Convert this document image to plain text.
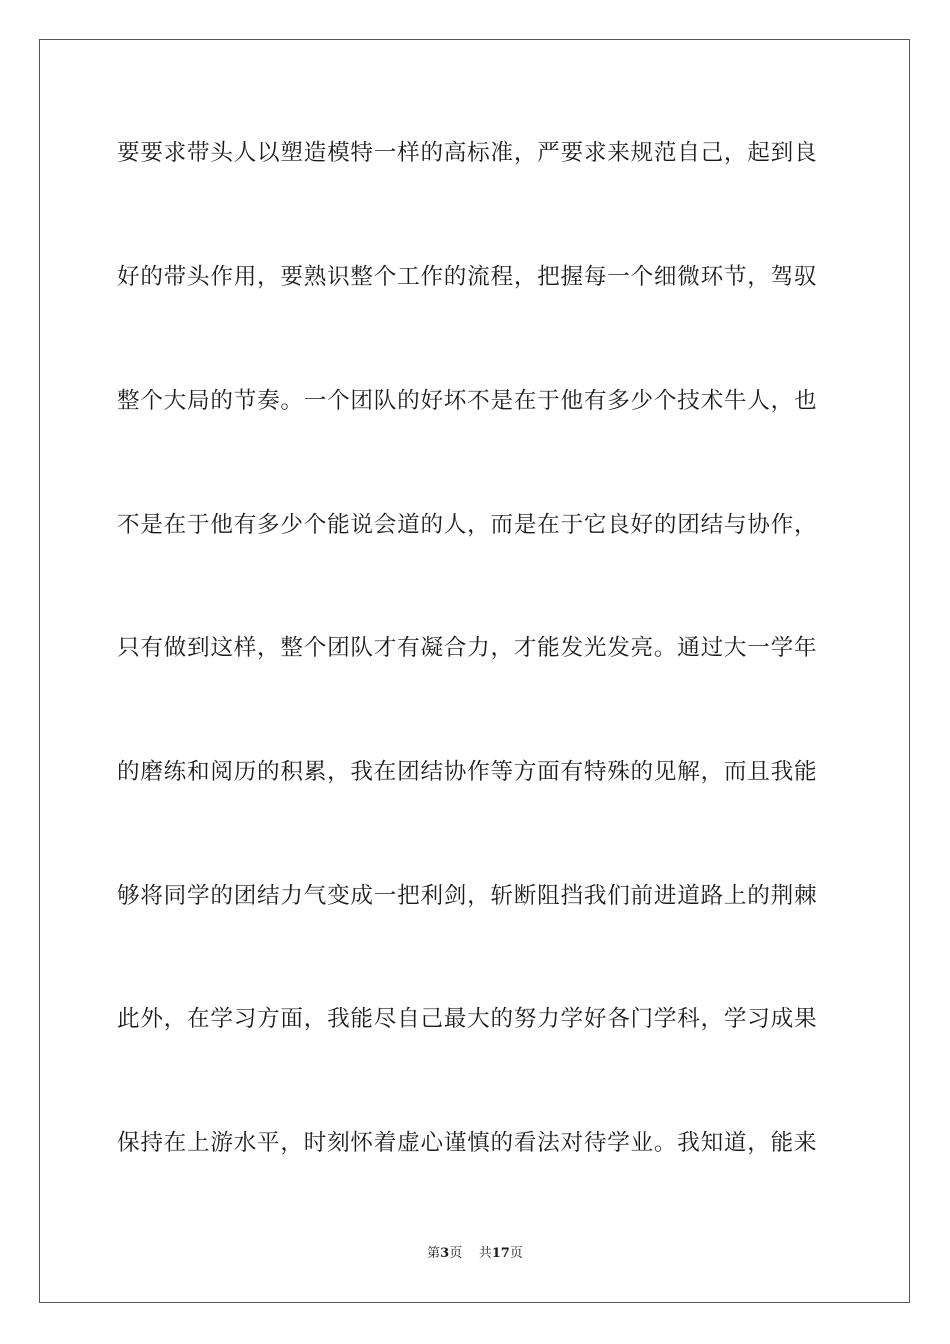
要要求带头人以塑造模特一样的高标准，严要求来规范自己，起到良
好的带头作用，要熟识整个工作的流程，把握每一个细微环节，驾驭
整个大局的节奏。一个团队的好坏不是在于他有多少个技术牛人，也
不是在于他有多少个能说会道的人，而是在于它良好的团结与协作，
只有做到这样，整个团队才有凝合力，才能发光发亮。通过大一学年
的磨练和阅历的积累，我在团结协作等方面有特殊的见解，而且我能
够将同学的团结力气变成一把利剑，斩断阻挡我们前进道路上的荆棘
此外，在学习方面，我能尽自己最大的努力学好各门学科，学习成果
保持在上游水平，时刻怀着虚心谨慎的看法对待学业。我知道，能来
第3页 共17页
